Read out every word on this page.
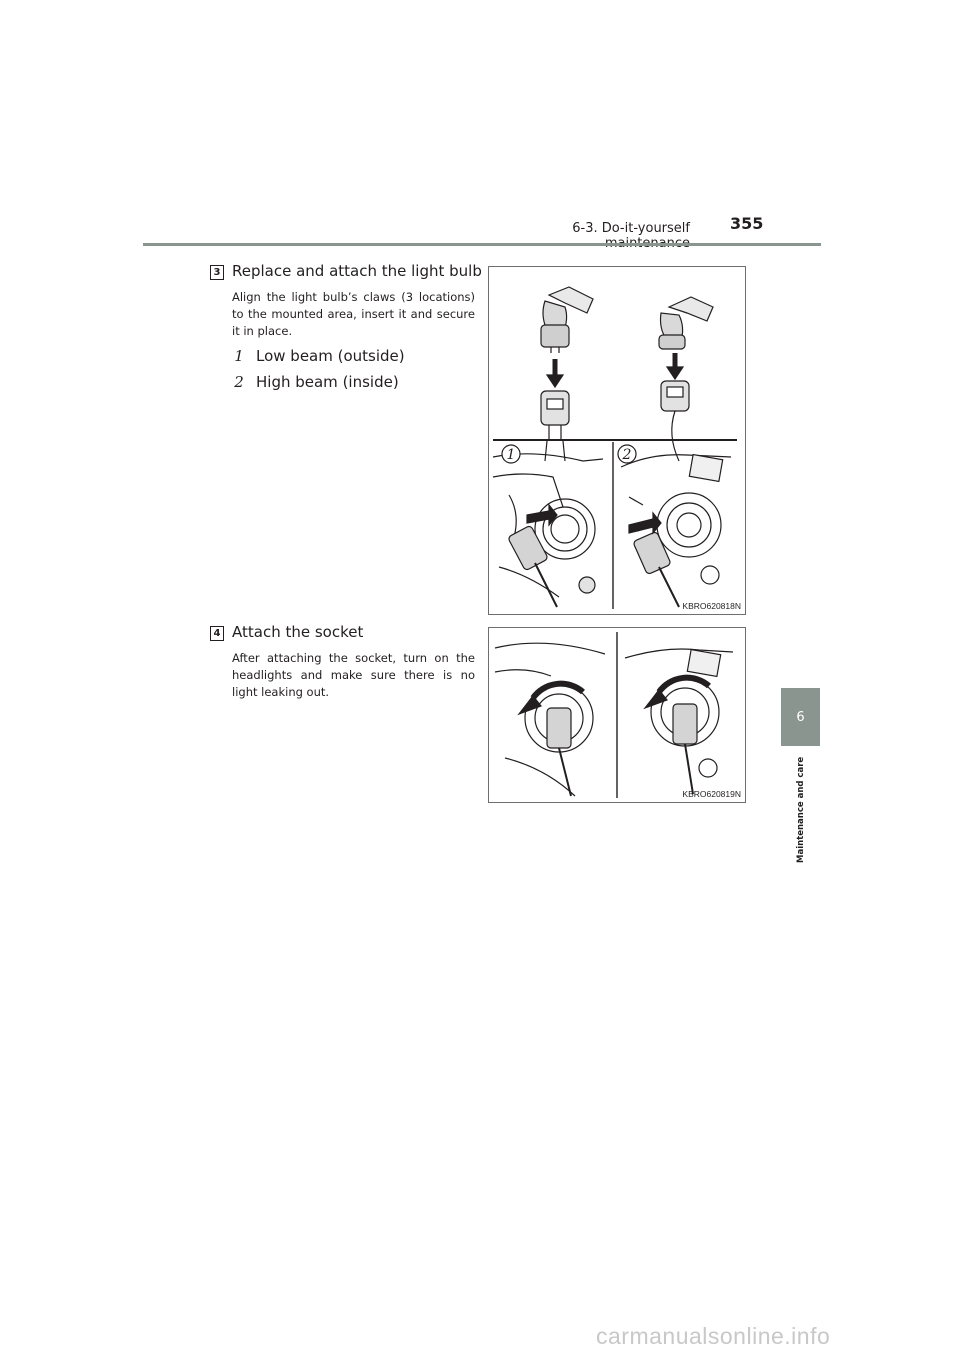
6-3. Do-it-yourself	355
6
Maintenance and care
3 Replace and attach the light bulb
Align the light bulb’s claws (3 locations) to the mounted area, insert it and secure it in place.
1 Low beam (outside)
2 High beam (inside)
1	2
KBRO620818N
4 Attach the socket
After attaching the socket, turn on the headlights and make sure there is no light leaking out.
KBRO620819N
carmanualsonline.info
